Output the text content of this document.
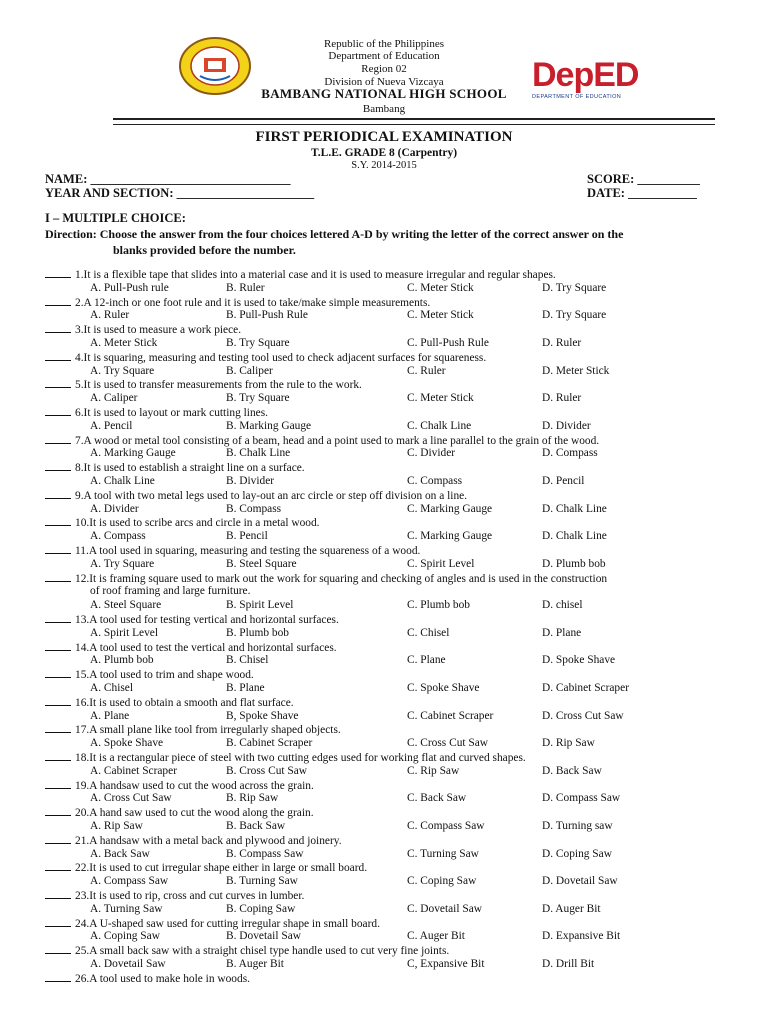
Republic of the Philippines
Department of Education
Region 02
Division of Nueva Vizcaya
BAMBANG NATIONAL HIGH SCHOOL
Bambang
DepED
DEPARTMENT OF EDUCATION
FIRST PERIODICAL EXAMINATION
T.L.E. GRADE 8 (Carpentry)
S.Y. 2014-2015
NAME: ________________________________
YEAR AND SECTION: ______________________
SCORE: __________
DATE: ___________
I – MULTIPLE CHOICE:
Direction: Choose the answer from the four choices lettered A-D by writing the letter of the correct answer on the
blanks provided before the number.
1.It is a flexible tape that slides into a material case and it is used to measure irregular and regular shapes.
A. Pull-Push rule	B. Ruler	C. Meter Stick	D. Try Square
2.A 12-inch or one foot rule and it is used to take/make simple measurements.
A. Ruler	B. Pull-Push Rule	C. Meter Stick	D. Try Square
3.It is used to measure a work piece.
A. Meter Stick	B. Try Square	C. Pull-Push Rule	D. Ruler
4.It is squaring, measuring and testing tool used to check adjacent surfaces for squareness.
A. Try Square	B. Caliper	C. Ruler	D. Meter Stick
5.It is used to transfer measurements from the rule to the work.
A. Caliper	B. Try Square	C. Meter Stick	D. Ruler
6.It is used to layout or mark cutting lines.
A. Pencil	B. Marking Gauge	C. Chalk Line	D. Divider
7.A wood or metal tool consisting of a beam, head and a point used to mark a line parallel to the grain of the wood.
A. Marking Gauge	B. Chalk Line	C. Divider	D. Compass
8.It is used to establish a straight line on a surface.
A. Chalk Line	B. Divider	C. Compass	D. Pencil
9.A tool with two metal legs used to lay-out an arc circle or step off division on a line.
A. Divider	B. Compass	C. Marking Gauge	D. Chalk Line
10.It is used to scribe arcs and circle in a metal wood.
A. Compass	B. Pencil	C. Marking Gauge	D. Chalk Line
11.A tool used in squaring, measuring and testing the squareness of a wood.
A. Try Square	B. Steel Square	C. Spirit Level	D. Plumb bob
12.It is framing square used to mark out the work for squaring and checking of angles and is used in the construction
of roof framing and large furniture.
A. Steel Square	B. Spirit Level	C. Plumb bob	D. chisel
13.A tool used for testing vertical and horizontal surfaces.
A. Spirit Level	B. Plumb bob	C. Chisel	D. Plane
14.A tool used to test the vertical and horizontal surfaces.
A. Plumb bob	B. Chisel	C. Plane	D. Spoke Shave
15.A tool used to trim and shape wood.
A. Chisel	B. Plane	C. Spoke Shave	D. Cabinet Scraper
16.It is used to obtain a smooth and flat surface.
A. Plane	B, Spoke Shave	C. Cabinet Scraper	D. Cross Cut Saw
17.A small plane like tool from irregularly shaped objects.
A. Spoke Shave	B. Cabinet Scraper	C. Cross Cut Saw	D. Rip Saw
18.It is a rectangular piece of steel with two cutting edges used for working flat and curved shapes.
A. Cabinet Scraper	B. Cross Cut Saw	C. Rip Saw	D. Back Saw
19.A handsaw used to cut the wood across the grain.
A. Cross Cut Saw	B. Rip Saw	C. Back Saw	D. Compass Saw
20.A hand saw used to cut the wood along the grain.
A. Rip Saw	B. Back Saw	C. Compass Saw	D. Turning saw
21.A handsaw with a metal back and plywood and joinery.
A. Back Saw	B. Compass Saw	C. Turning Saw	D. Coping Saw
22.It is used to cut irregular shape either in large or small board.
A. Compass Saw	B. Turning Saw	C. Coping Saw	D. Dovetail Saw
23.It is used to rip, cross and cut curves in lumber.
A. Turning Saw	B. Coping Saw	C. Dovetail Saw	D. Auger Bit
24.A U-shaped saw used for cutting irregular shape in small board.
A. Coping Saw	B. Dovetail Saw	C. Auger Bit	D. Expansive Bit
25.A small back saw with a straight chisel type handle used to cut very fine joints.
A. Dovetail Saw	B. Auger Bit	C, Expansive Bit	D. Drill Bit
26.A tool used to make hole in woods.
